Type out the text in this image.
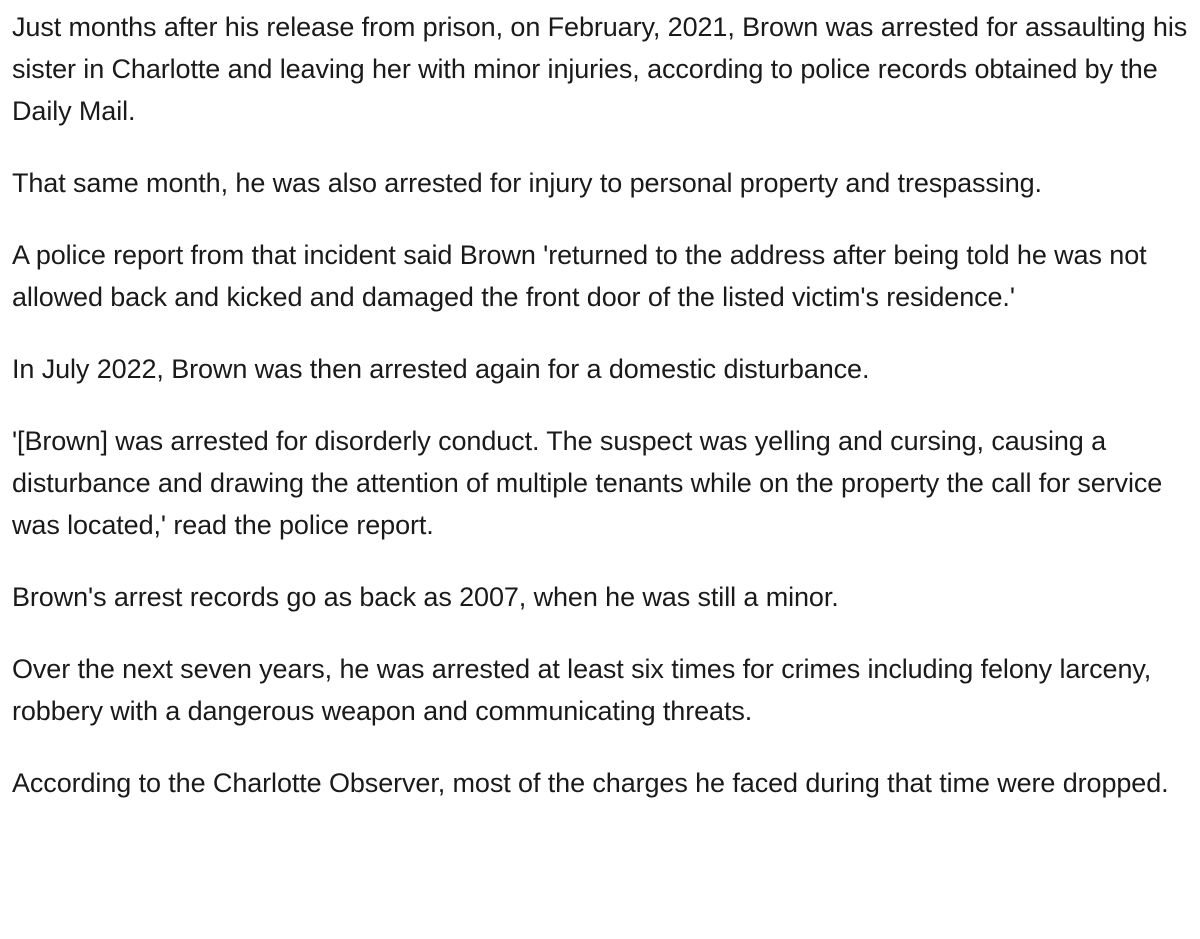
Just months after his release from prison, on February, 2021, Brown was arrested for assaulting his sister in Charlotte and leaving her with minor injuries, according to police records obtained by the Daily Mail.

That same month, he was also arrested for injury to personal property and trespassing.

A police report from that incident said Brown 'returned to the address after being told he was not allowed back and kicked and damaged the front door of the listed victim's residence.'

In July 2022, Brown was then arrested again for a domestic disturbance.

'[Brown] was arrested for disorderly conduct. The suspect was yelling and cursing, causing a disturbance and drawing the attention of multiple tenants while on the property the call for service was located,' read the police report.

Brown's arrest records go as back as 2007, when he was still a minor.

Over the next seven years, he was arrested at least six times for crimes including felony larceny, robbery with a dangerous weapon and communicating threats.

According to the Charlotte Observer, most of the charges he faced during that time were dropped.
